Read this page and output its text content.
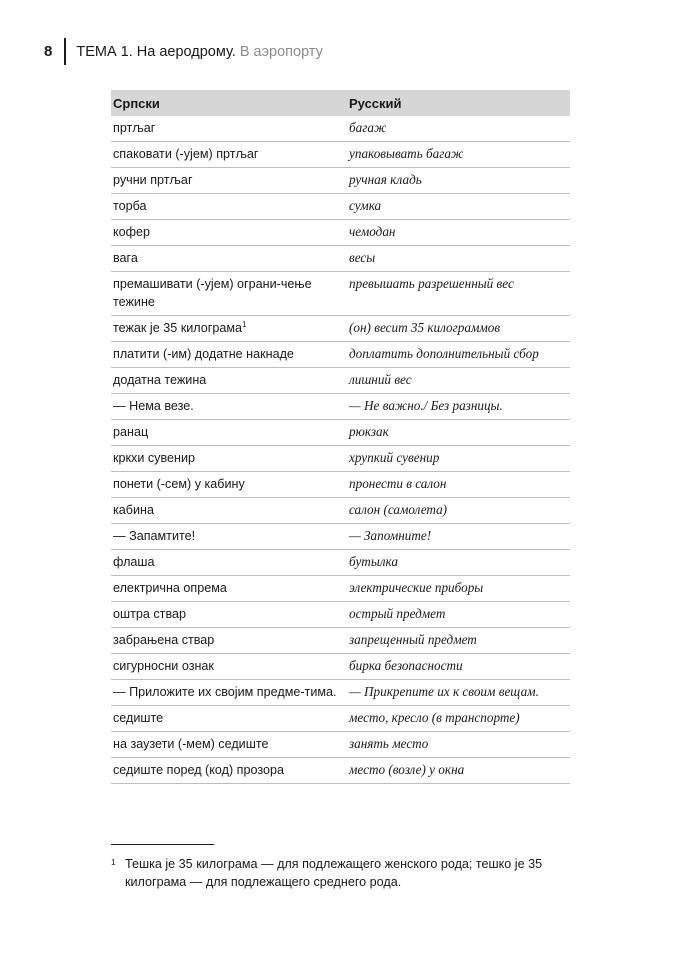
8 ТЕМА 1. На аеродрому. В аэропорту
Српски	Русский
пртљаг	багаж
спаковати (-ујем) пртљаг	упаковывать багаж
ручни пртљаг	ручная кладь
торба	сумка
кофер	чемодан
вага	весы
премашивати (-ујем) ограни-чење тежине	превышать разрешенный вес
тежак је 35 килограма$^1$	(он) весит 35 килограммов
платити (-им) додатне накнаде	доплатить дополнительный сбор
додатна тежина	лишний вес
— Нема везе.	— Не важно./ Без разницы.
ранац	рюкзак
кркхи сувенир	хрупкий сувенир
понети (-сем) у кабину	пронести в салон
кабина	салон (самолета)
— Запамтите!	— Запомните!
флаша	бутылка
електрична опрема	электрические приборы
оштра ствар	острый предмет
забрањена ствар	запрещенный предмет
сигурносни ознак	бирка безопасности
— Приложите их својим предме-тима.	— Прикрепите их к своим вещам.
седиште	место, кресло (в транспорте)
на заузети (-мем) седиште	занять место
седиште поред (код) прозора	место (возле) у окна
1 Тешка је 35 килограма — для подлежащего женского рода; тешко је 35 килограма — для подлежащего среднего рода.
